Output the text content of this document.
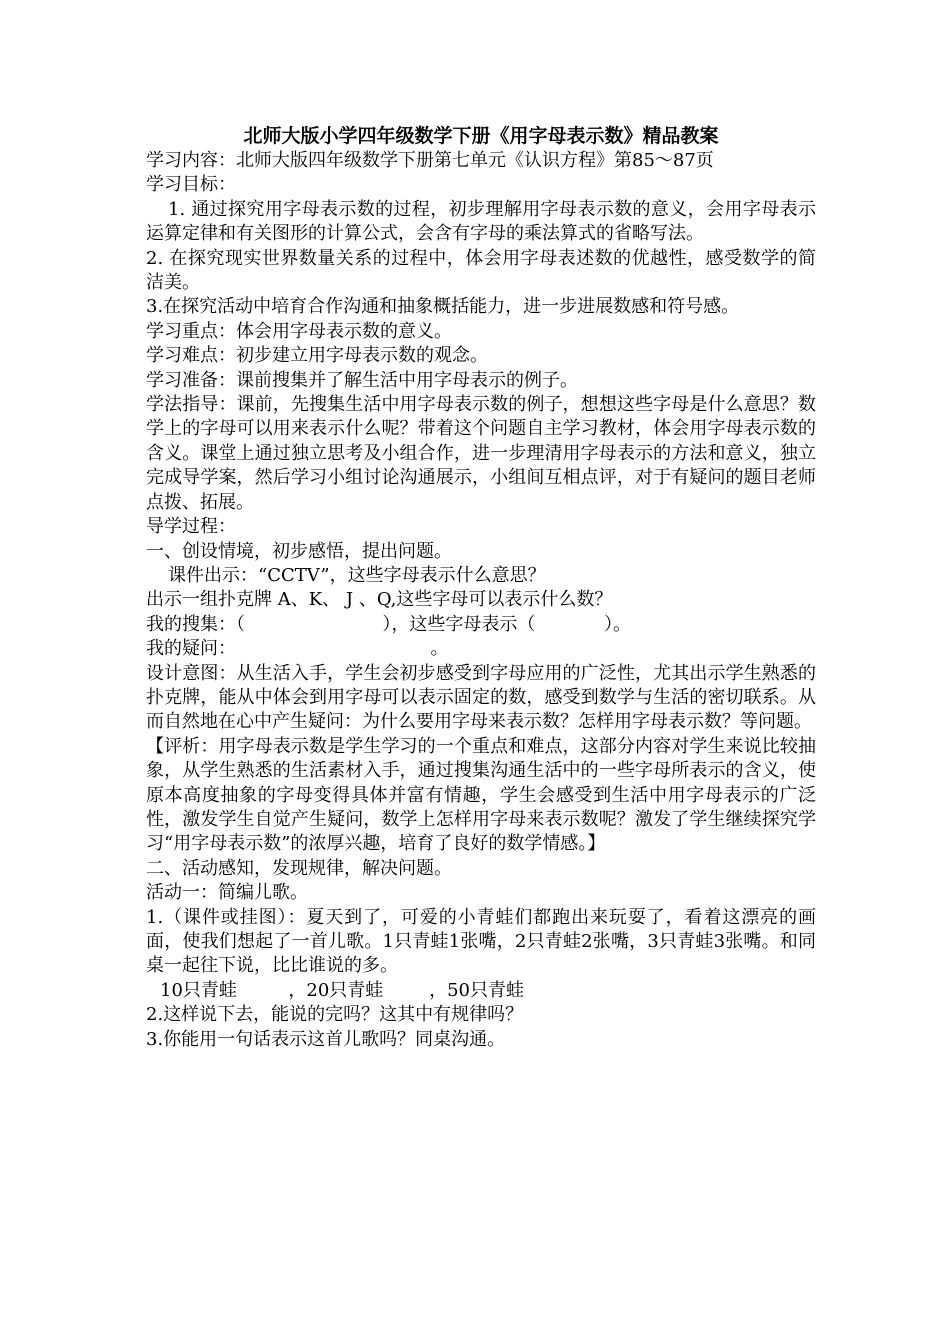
北师大版小学四年级数学下册《用字母表示数》精品教案

学习内容：北师大版四年级数学下册第七单元《认识方程》第85～87页

学习目标：

1. 通过探究用字母表示数的过程，初步理解用字母表示数的意义，会用字母表示运算定律和有关图形的计算公式，会含有字母的乘法算式的省略写法。

2. 在探究现实世界数量关系的过程中，体会用字母表述数的优越性，感受数学的简洁美。

3.在探究活动中培育合作沟通和抽象概括能力，进一步进展数感和符号感。

学习重点：体会用字母表示数的意义。

学习难点：初步建立用字母表示数的观念。

学习准备：课前搜集并了解生活中用字母表示的例子。

学法指导：课前，先搜集生活中用字母表示数的例子，想想这些字母是什么意思？数学上的字母可以用来表示什么呢？带着这个问题自主学习教材，体会用字母表示数的含义。课堂上通过独立思考及小组合作，进一步理清用字母表示的方法和意义，独立完成导学案，然后学习小组讨论沟通展示，小组间互相点评，对于有疑问的题目老师点拨、拓展。

导学过程：

一、创设情境，初步感悟，提出问题。

课件出示：“CCTV”，这些字母表示什么意思？

出示一组扑克牌 A、K、 J 、Q,这些字母可以表示什么数？

我的搜集：（                        ），这些字母表示（            ）。

我的疑问：                                  。

设计意图：从生活入手，学生会初步感受到字母应用的广泛性，尤其出示学生熟悉的扑克牌，能从中体会到用字母可以表示固定的数，感受到数学与生活的密切联系。从而自然地在心中产生疑问：为什么要用字母来表示数？怎样用字母表示数？等问题。

【评析：用字母表示数是学生学习的一个重点和难点，这部分内容对学生来说比较抽象，从学生熟悉的生活素材入手，通过搜集沟通生活中的一些字母所表示的含义，使原本高度抽象的字母变得具体并富有情趣，学生会感受到生活中用字母表示的广泛性，激发学生自觉产生疑问，数学上怎样用字母来表示数呢？激发了学生继续探究学习“用字母表示数”的浓厚兴趣，培育了良好的数学情感。】

二、活动感知，发现规律，解决问题。

活动一：简编儿歌。

1.（课件或挂图）：夏天到了，可爱的小青蛙们都跑出来玩耍了，看着这漂亮的画面，使我们想起了一首儿歌。1只青蛙1张嘴，2只青蛙2张嘴，3只青蛙3张嘴。和同桌一起往下说，比比谁说的多。

10只青蛙         ，20只青蛙        ，50只青蛙

2.这样说下去，能说的完吗？这其中有规律吗？

3.你能用一句话表示这首儿歌吗？同桌沟通。
